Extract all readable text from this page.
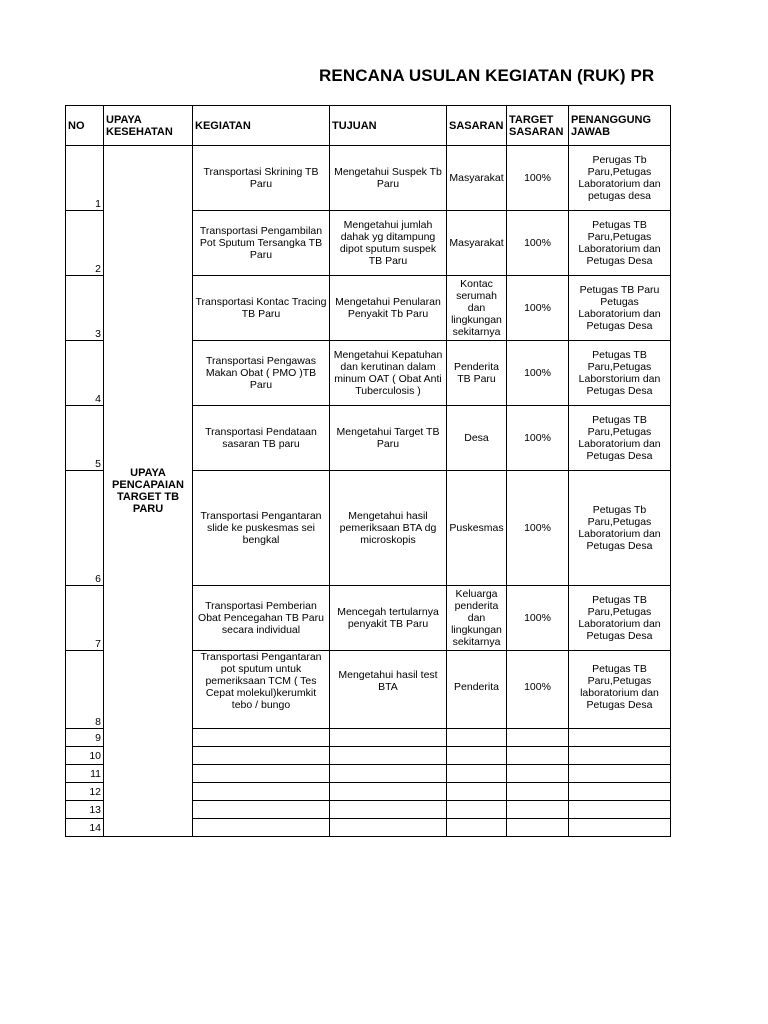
RENCANA USULAN KEGIATAN (RUK) PR
NO	UPAYA KESEHATAN	KEGIATAN	TUJUAN	SASARAN	TARGET SASARAN	PENANGGUNG JAWAB
1	UPAYA PENCAPAIAN TARGET TB PARU	Transportasi Skrining TB Paru	Mengetahui Suspek Tb Paru	Masyarakat	100%	Perugas Tb Paru,Petugas Laboratorium dan petugas desa
2		Transportasi Pengambilan Pot Sputum Tersangka TB Paru	Mengetahui jumlah dahak yg ditampung dipot sputum suspek TB Paru	Masyarakat	100%	Petugas TB Paru,Petugas Laboratorium dan Petugas Desa
3		Transportasi Kontac Tracing TB Paru	Mengetahui Penularan Penyakit Tb Paru	Kontac serumah dan lingkungan sekitarnya	100%	Petugas TB Paru Petugas Laboratorium dan Petugas Desa
4		Transportasi Pengawas Makan Obat ( PMO )TB Paru	Mengetahui Kepatuhan dan kerutinan dalam minum OAT ( Obat Anti Tuberculosis )	Penderita TB Paru	100%	Petugas TB Paru,Petugas Laborstorium dan Petugas Desa
5		Transportasi Pendataan sasaran TB paru	Mengetahui Target TB Paru	Desa	100%	Petugas TB Paru,Petugas Laboratorium dan Petugas Desa
6		Transportasi Pengantaran slide ke puskesmas sei bengkal	Mengetahui hasil pemeriksaan BTA dg microskopis	Puskesmas	100%	Petugas Tb Paru,Petugas Laboratorium dan Petugas Desa
7		Transportasi Pemberian Obat Pencegahan TB Paru secara individual	Mencegah tertularnya penyakit TB Paru	Keluarga penderita dan lingkungan sekitarnya	100%	Petugas TB Paru,Petugas Laboratorium dan Petugas Desa
8		Transportasi Pengantaran pot sputum untuk pemeriksaan TCM ( Tes Cepat molekul)kerumkit tebo / bungo	Mengetahui hasil test BTA	Penderita	100%	Petugas TB Paru,Petugas laboratorium dan Petugas Desa
9						
10						
11						
12						
13						
14						
